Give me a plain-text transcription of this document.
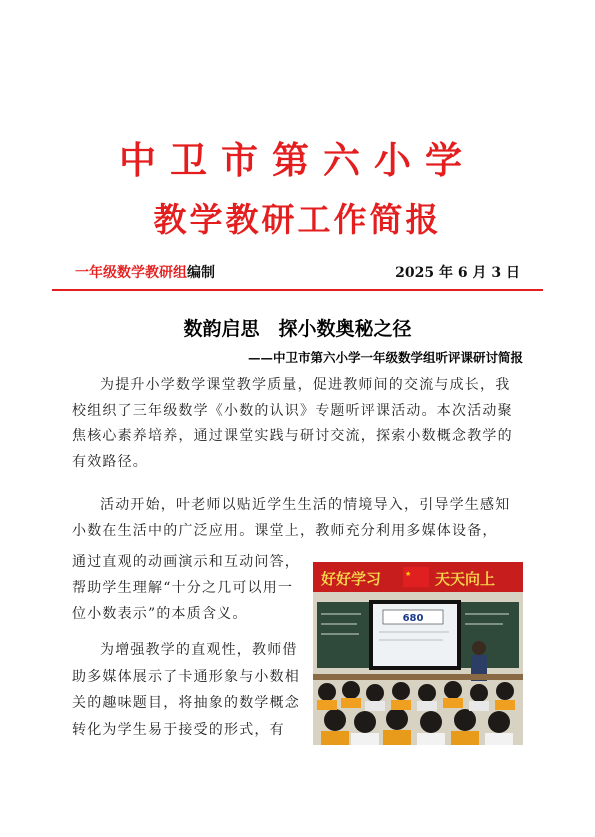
中卫市第六小学
教学教研工作简报
一年级数学教研组编制	2025 年 6 月 3 日
数韵启思　探小数奥秘之径
——中卫市第六小学一年级数学组听评课研讨简报

为提升小学数学课堂教学质量，促进教师间的交流与成长，我校组织了三年级数学《小数的认识》专题听评课活动。本次活动聚焦核心素养培养，通过课堂实践与研讨交流，探索小数概念教学的有效路径。

活动开始，叶老师以贴近学生生活的情境导入，引导学生感知小数在生活中的广泛应用。课堂上，教师充分利用多媒体设备，

通过直观的动画演示和互动问答，帮助学生理解“十分之几可以用一位小数表示”的本质含义。

为增强教学的直观性，教师借助多媒体展示了卡通形象与小数相关的趣味题目，将抽象的数学概念转化为学生易于接受的形式，有

好好学习	★ 天天向上
680
